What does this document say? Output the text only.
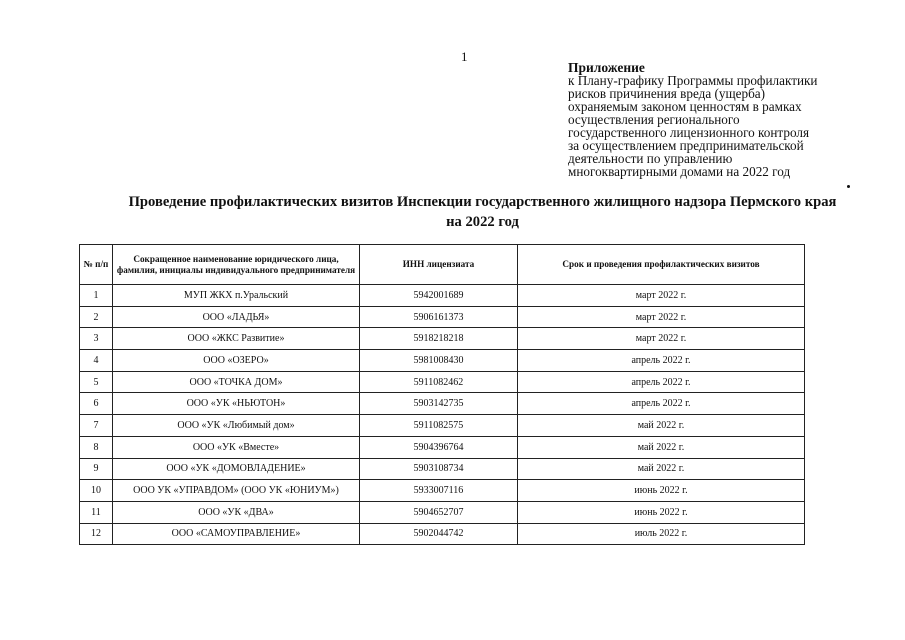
1
Приложение
к Плану-графику Программы профилактики
рисков причинения вреда (ущерба)
охраняемым законом ценностям в рамках
осуществления регионального
государственного лицензионного контроля
за осуществлением предпринимательской
деятельности по управлению
многоквартирными домами на 2022 год
Проведение профилактических визитов Инспекции государственного жилищного надзора Пермского края
на 2022 год
№ п/п	Сокращенное наименование юридического лица, фамилия, инициалы индивидуального предпринимателя	ИНН лицензиата	Срок и проведения профилактических визитов
1	МУП ЖКХ п.Уральский	5942001689	март 2022 г.
2	ООО «ЛАДЬЯ»	5906161373	март 2022 г.
3	ООО «ЖКС Развитие»	5918218218	март 2022 г.
4	ООО «ОЗЕРО»	5981008430	апрель 2022 г.
5	ООО «ТОЧКА ДОМ»	5911082462	апрель 2022 г.
6	ООО «УК «НЬЮТОН»	5903142735	апрель 2022 г.
7	ООО «УК «Любимый дом»	5911082575	май 2022 г.
8	ООО «УК «Вместе»	5904396764	май 2022 г.
9	ООО «УК «ДОМОВЛАДЕНИЕ»	5903108734	май 2022 г.
10	ООО УК «УПРАВДОМ» (ООО УК «ЮНИУМ»)	5933007116	июнь 2022 г.
11	ООО «УК «ДВА»	5904652707	июнь 2022 г.
12	ООО «САМОУПРАВЛЕНИЕ»	5902044742	июль 2022 г.
